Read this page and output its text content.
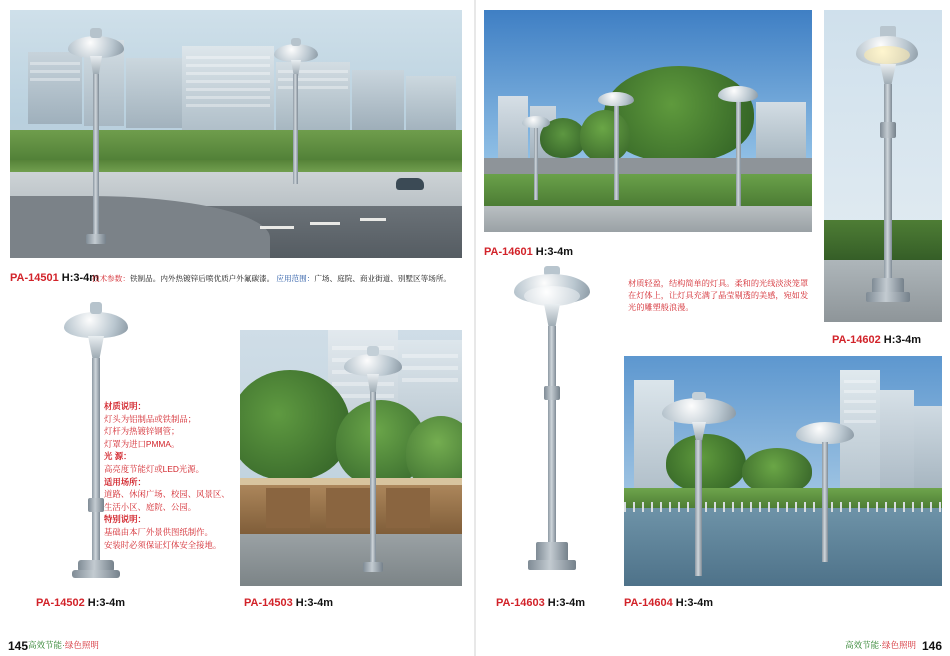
PA-14501 H:3-4m
技术参数：铁制品。内外热镀锌后喷优质户外氟碳漆。 应用范围：广场、庭院、商业街道、别墅区等场所。
PA-14502 H:3-4m
材质说明：
灯头为铝制品或铁制品；
灯杆为热镀锌钢管；
灯罩为进口PMMA。
光 源：
高亮度节能灯或LED光源。
适用场所：
道路、休闲广场、校园、风景区、
生活小区、庭院、公园。
特别说明：
基础由本厂外景供图纸制作。
安装时必须保证灯体安全接地。
PA-14503 H:3-4m
PA-14601 H:3-4m
PA-14602 H:3-4m
材质轻盈，结构简单的灯具。柔和的光线淡淡笼罩
在灯体上，让灯具充满了晶莹剔透的美感，宛如发
光的雕塑般浪漫。
PA-14603 H:3-4m	PA-14604 H:3-4m
145 高效节能·绿色照明	高效节能·绿色照明 146
